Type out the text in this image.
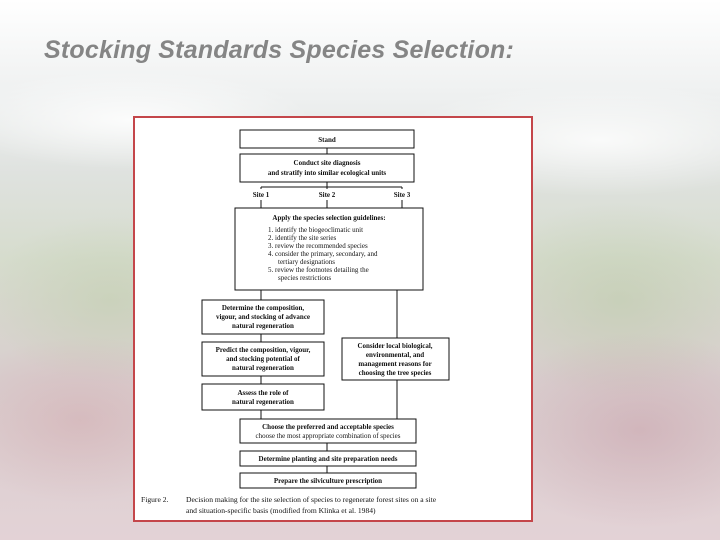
Stocking Standards Species Selection:
Stand
Conduct site diagnosis
and stratify into similar ecological units
Site 1	Site 2	Site 3
Apply the species selection guidelines:
1. identify the biogeoclimatic unit
2. identify the site series
3. review the recommended species
4. consider the primary, secondary, and
tertiary designations
5. review the footnotes detailing the
species restrictions
Determine the composition,
vigour, and stocking of advance
natural regeneration
Predict the composition, vigour,
and stocking potential of
natural regeneration
Assess the role of
natural regeneration
Consider local biological,
environmental, and
management reasons for
choosing the tree species
Choose the preferred and acceptable species
choose the most appropriate combination of species
Determine planting and site preparation needs
Prepare the silviculture prescription
Figure 2. Decision making for the site selection of species to regenerate forest sites on a site
and situation-specific basis (modified from Klinka et al. 1984)
